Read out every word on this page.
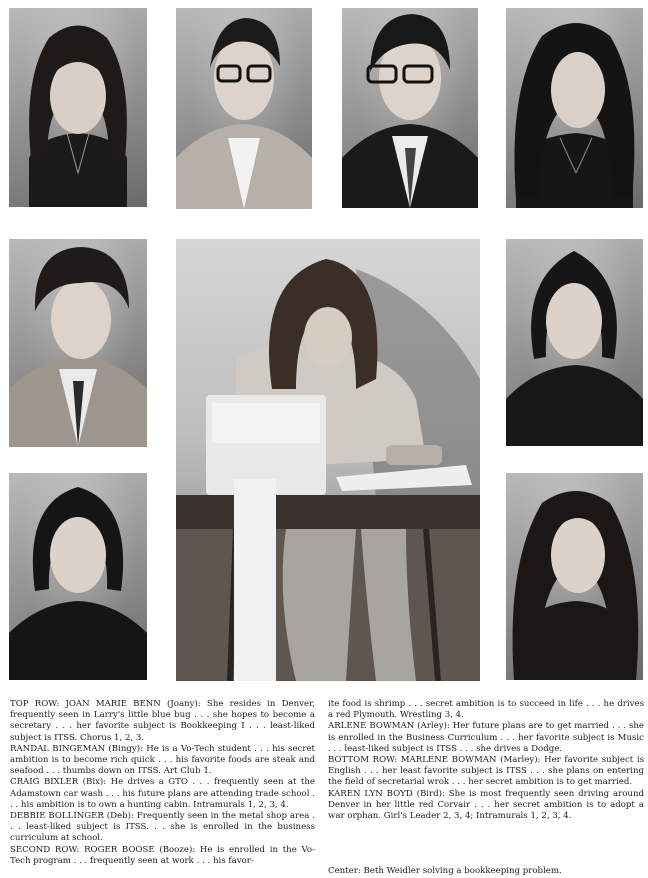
TOP ROW: JOAN MARIE BENN (Joany): She resides in Denver, frequently seen in Larry's little blue bug . . . she hopes to become a secretary . . . her favorite subject is Bookkeeping I . . . least-liked subject is ITSS. Chorus 1, 2, 3.

RANDAL BINGEMAN (Bingy): He is a Vo-Tech student . . . his secret ambition is to become rich quick . . . his favorite foods are steak and seafood . . . thumbs down on ITSS. Art Club 1.

CRAIG BIXLER (Bix): He drives a GTO . . . frequently seen at the Adamstown car wash . . . his future plans are attending trade school . . . his ambition is to own a hunting cabin. Intramurals 1, 2, 3, 4.

DEBBIE BOLLINGER (Deb): Frequently seen in the metal shop area . . . least-liked subject is ITSS. . . she is enrolled in the business curriculum at school.

SECOND ROW: ROGER BOOSE (Booze): He is enrolled in the Vo-Tech program . . . frequently seen at work . . . his favor-

ite food is shrimp . . . secret ambition is to succeed in life . . . he drives a red Plymouth. Wrestling 3, 4.

ARLENE BOWMAN (Arley): Her future plans are to get married . . . she is enrolled in the Business Curriculum . . . her favorite subject is Music . . . least-liked subject is ITSS . . . she drives a Dodge.

BOTTOM ROW: MARLENE BOWMAN (Marley): Her favorite subject is English . . . her least favorite subject is ITSS . . . she plans on entering the field of secretarial wrok . . . her secret ambition is to get married.

KAREN LYN BOYD (Bird): She is most frequently seen driving around Denver in her little red Corvair . . . her secret ambition is to adopt a war orphan. Girl's Leader 2, 3, 4; Intramurals 1, 2, 3, 4.

Center: Beth Weidler solving a bookkeeping problem.
